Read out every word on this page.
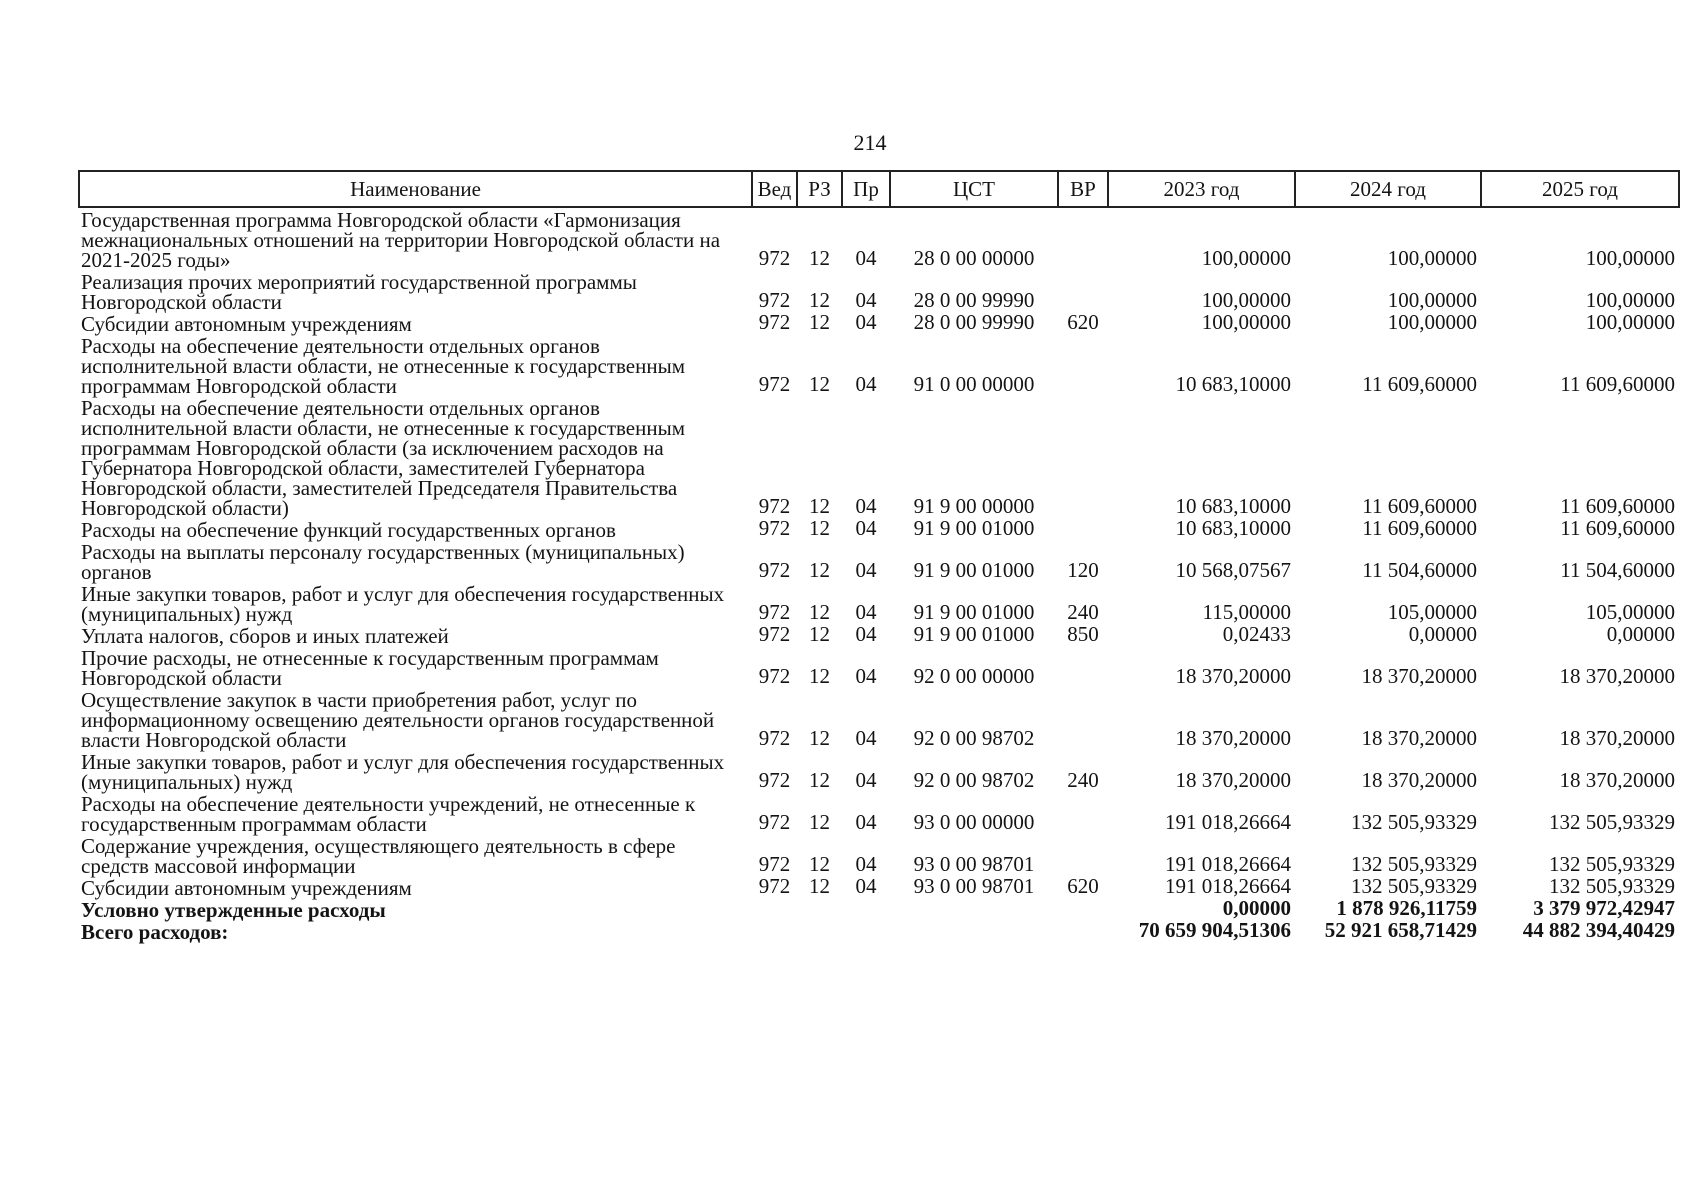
214
Наименование	Вед	РЗ	Пр	ЦСТ	ВР	2023 год	2024 год	2025 год
Государственная программа Новгородской области «Гармонизация межнациональных отношений на территории Новгородской области на 2021-2025 годы»	972	12	04	28 0 00 00000		100,00000	100,00000	100,00000
Реализация прочих мероприятий государственной программы Новгородской области	972	12	04	28 0 00 99990		100,00000	100,00000	100,00000
Субсидии автономным учреждениям	972	12	04	28 0 00 99990	620	100,00000	100,00000	100,00000
Расходы на обеспечение деятельности отдельных органов исполнительной власти области, не отнесенные к государственным программам Новгородской области	972	12	04	91 0 00 00000		10 683,10000	11 609,60000	11 609,60000
Расходы на обеспечение деятельности отдельных органов исполнительной власти области, не отнесенные к государственным программам Новгородской области (за исключением расходов на Губернатора Новгородской области, заместителей Губернатора Новгородской области, заместителей Председателя Правительства Новгородской области)	972	12	04	91 9 00 00000		10 683,10000	11 609,60000	11 609,60000
Расходы на обеспечение функций государственных органов	972	12	04	91 9 00 01000		10 683,10000	11 609,60000	11 609,60000
Расходы на выплаты персоналу государственных (муниципальных) органов	972	12	04	91 9 00 01000	120	10 568,07567	11 504,60000	11 504,60000
Иные закупки товаров, работ и услуг для обеспечения государственных (муниципальных) нужд	972	12	04	91 9 00 01000	240	115,00000	105,00000	105,00000
Уплата налогов, сборов и иных платежей	972	12	04	91 9 00 01000	850	0,02433	0,00000	0,00000
Прочие расходы, не отнесенные к государственным программам Новгородской области	972	12	04	92 0 00 00000		18 370,20000	18 370,20000	18 370,20000
Осуществление закупок в части приобретения работ, услуг по информационному освещению деятельности органов государственной власти Новгородской области	972	12	04	92 0 00 98702		18 370,20000	18 370,20000	18 370,20000
Иные закупки товаров, работ и услуг для обеспечения государственных (муниципальных) нужд	972	12	04	92 0 00 98702	240	18 370,20000	18 370,20000	18 370,20000
Расходы на обеспечение деятельности учреждений, не отнесенные к государственным программам области	972	12	04	93 0 00 00000		191 018,26664	132 505,93329	132 505,93329
Содержание учреждения, осуществляющего деятельность в сфере средств массовой информации	972	12	04	93 0 00 98701		191 018,26664	132 505,93329	132 505,93329
Субсидии автономным учреждениям	972	12	04	93 0 00 98701	620	191 018,26664	132 505,93329	132 505,93329
Условно утвержденные расходы						0,00000	1 878 926,11759	3 379 972,42947
Всего расходов:						70 659 904,51306	52 921 658,71429	44 882 394,40429
